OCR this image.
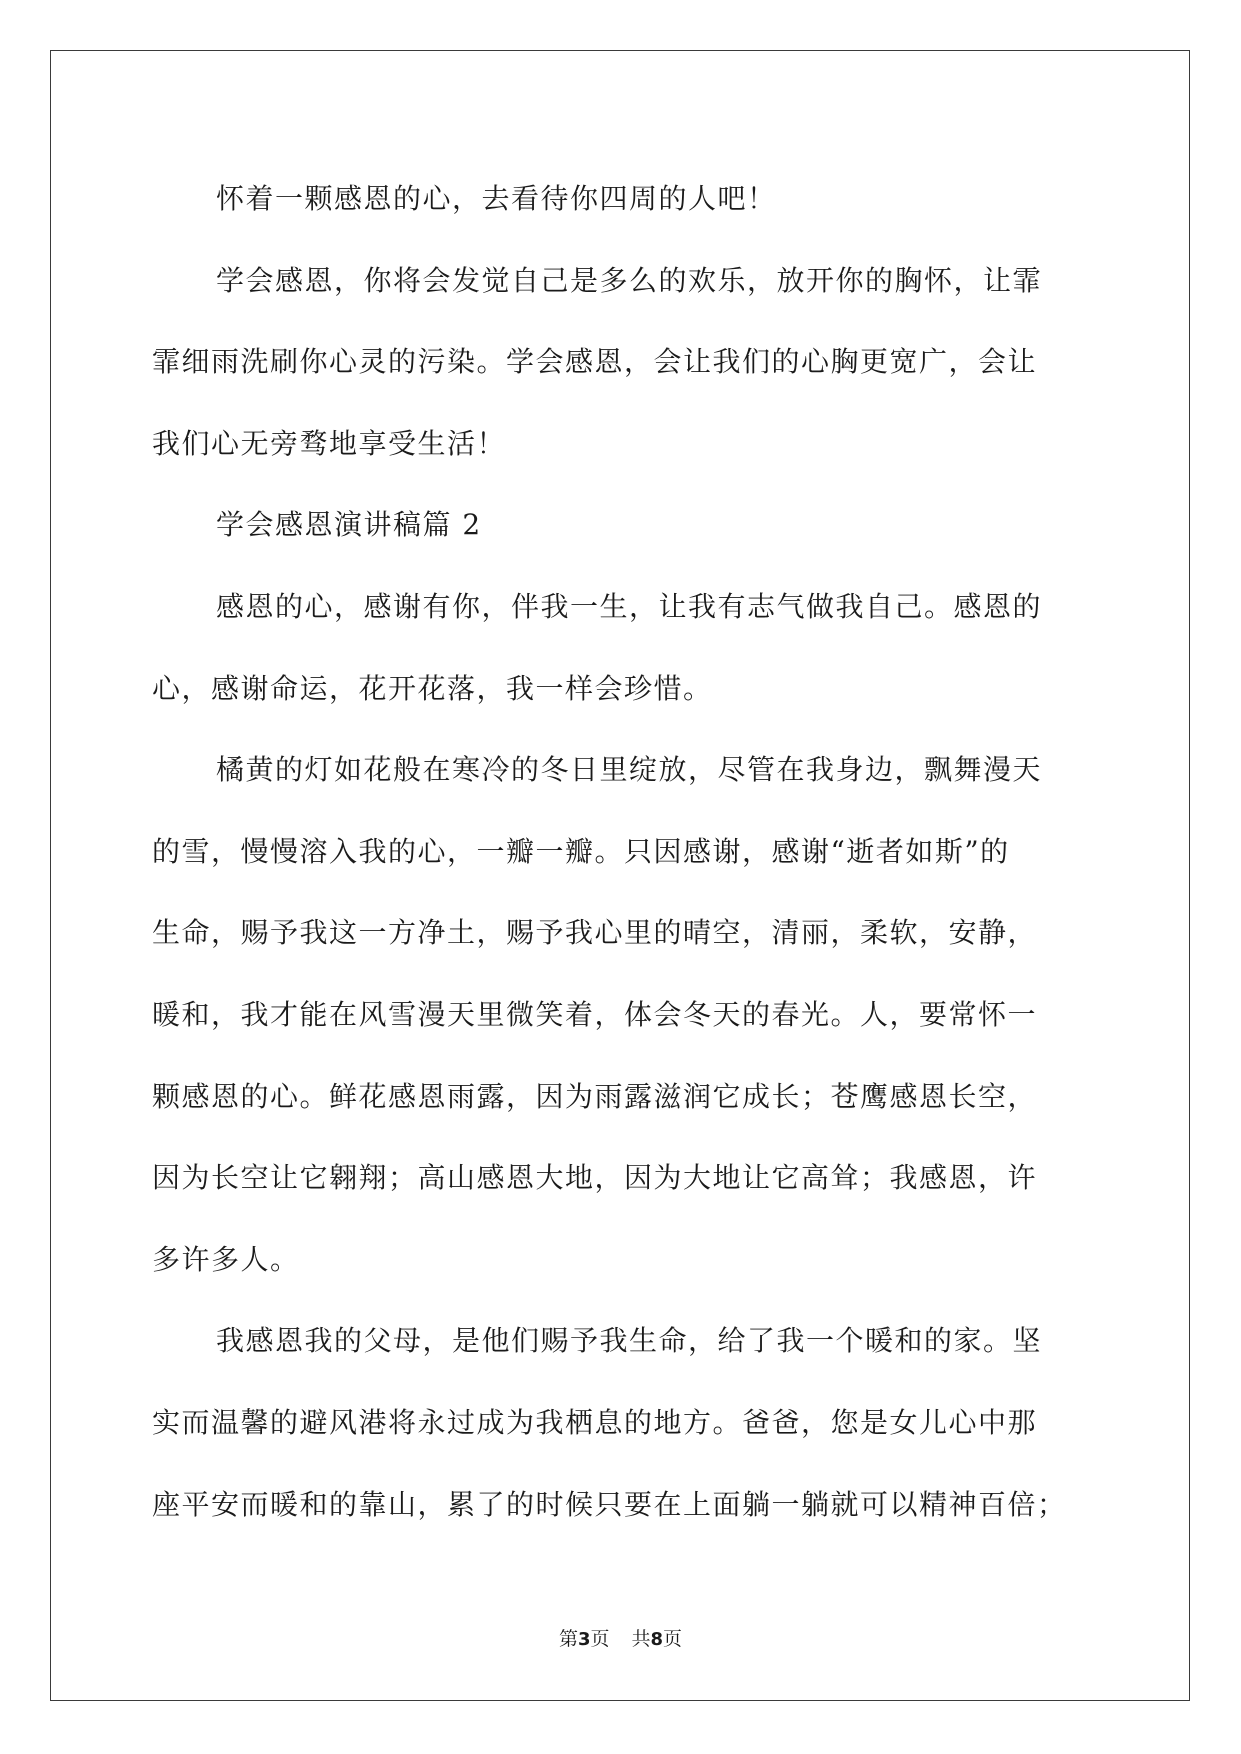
怀着一颗感恩的心，去看待你四周的人吧！

学会感恩，你将会发觉自己是多么的欢乐，放开你的胸怀，让霏
霏细雨洗刷你心灵的污染。学会感恩，会让我们的心胸更宽广，会让
我们心无旁骛地享受生活！

学会感恩演讲稿篇 2

感恩的心，感谢有你，伴我一生，让我有志气做我自己。感恩的
心，感谢命运，花开花落，我一样会珍惜。

橘黄的灯如花般在寒冷的冬日里绽放，尽管在我身边，飘舞漫天
的雪，慢慢溶入我的心，一瓣一瓣。只因感谢，感谢“逝者如斯”的
生命，赐予我这一方净土，赐予我心里的晴空，清丽，柔软，安静，
暖和，我才能在风雪漫天里微笑着，体会冬天的春光。人，要常怀一
颗感恩的心。鲜花感恩雨露，因为雨露滋润它成长；苍鹰感恩长空，
因为长空让它翱翔；高山感恩大地，因为大地让它高耸；我感恩，许
多许多人。

我感恩我的父母，是他们赐予我生命，给了我一个暖和的家。坚
实而温馨的避风港将永过成为我栖息的地方。爸爸，您是女儿心中那
座平安而暖和的靠山，累了的时候只要在上面躺一躺就可以精神百倍；

第3页 共8页
